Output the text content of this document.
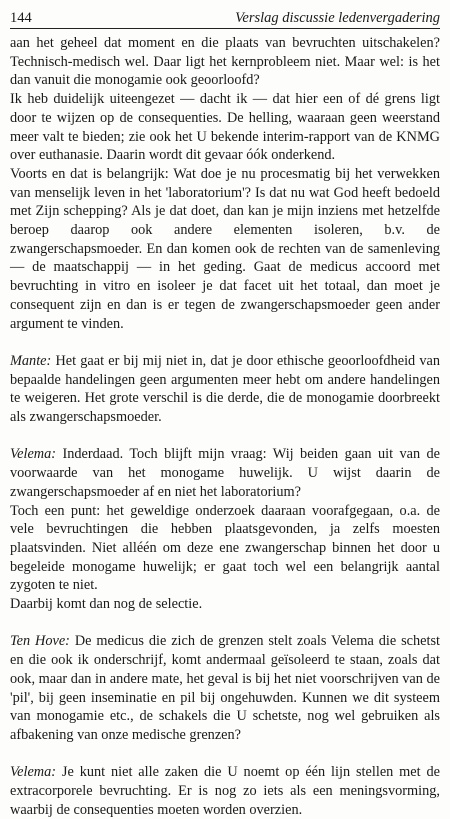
144	Verslag discussie ledenvergadering

aan het geheel dat moment en die plaats van bevruchten uitschakelen? Technisch-medisch wel. Daar ligt het kernprobleem niet. Maar wel: is het dan vanuit die monogamie ook geoorloofd?

Ik heb duidelijk uiteengezet — dacht ik — dat hier een of dé grens ligt door te wijzen op de consequenties. De helling, waaraan geen weerstand meer valt te bieden; zie ook het U bekende interim-rapport van de KNMG over euthanasie. Daarin wordt dit gevaar óók onderkend.

Voorts en dat is belangrijk: Wat doe je nu procesmatig bij het verwekken van menselijk leven in het 'laboratorium'? Is dat nu wat God heeft bedoeld met Zijn schepping? Als je dat doet, dan kan je mijn inziens met hetzelfde beroep daarop ook andere elementen isoleren, b.v. de zwangerschapsmoeder. En dan komen ook de rechten van de samenleving — de maatschappij — in het geding. Gaat de medicus accoord met bevruchting in vitro en isoleer je dat facet uit het totaal, dan moet je consequent zijn en dan is er tegen de zwangerschapsmoeder geen ander argument te vinden.

Mante: Het gaat er bij mij niet in, dat je door ethische geoorloofdheid van bepaalde handelingen geen argumenten meer hebt om andere handelingen te weigeren. Het grote verschil is die derde, die de monogamie doorbreekt als zwangerschapsmoeder.

Velema: Inderdaad. Toch blijft mijn vraag: Wij beiden gaan uit van de voorwaarde van het monogame huwelijk. U wijst daarin de zwangerschapsmoeder af en niet het laboratorium?

Toch een punt: het geweldige onderzoek daaraan voorafgegaan, o.a. de vele bevruchtingen die hebben plaatsgevonden, ja zelfs moesten plaatsvinden. Niet alléén om deze ene zwangerschap binnen het door u begeleide monogame huwelijk; er gaat toch wel een belangrijk aantal zygoten te niet.

Daarbij komt dan nog de selectie.

Ten Hove: De medicus die zich de grenzen stelt zoals Velema die schetst en die ook ik onderschrijf, komt andermaal geïsoleerd te staan, zoals dat ook, maar dan in andere mate, het geval is bij het niet voorschrijven van de 'pil', bij geen inseminatie en pil bij ongehuwden. Kunnen we dit systeem van monogamie etc., de schakels die U schetste, nog wel gebruiken als afbakening van onze medische grenzen?

Velema: Je kunt niet alle zaken die U noemt op één lijn stellen met de extracorporele bevruchting. Er is nog zo iets als een meningsvorming, waarbij de consequenties moeten worden overzien.
